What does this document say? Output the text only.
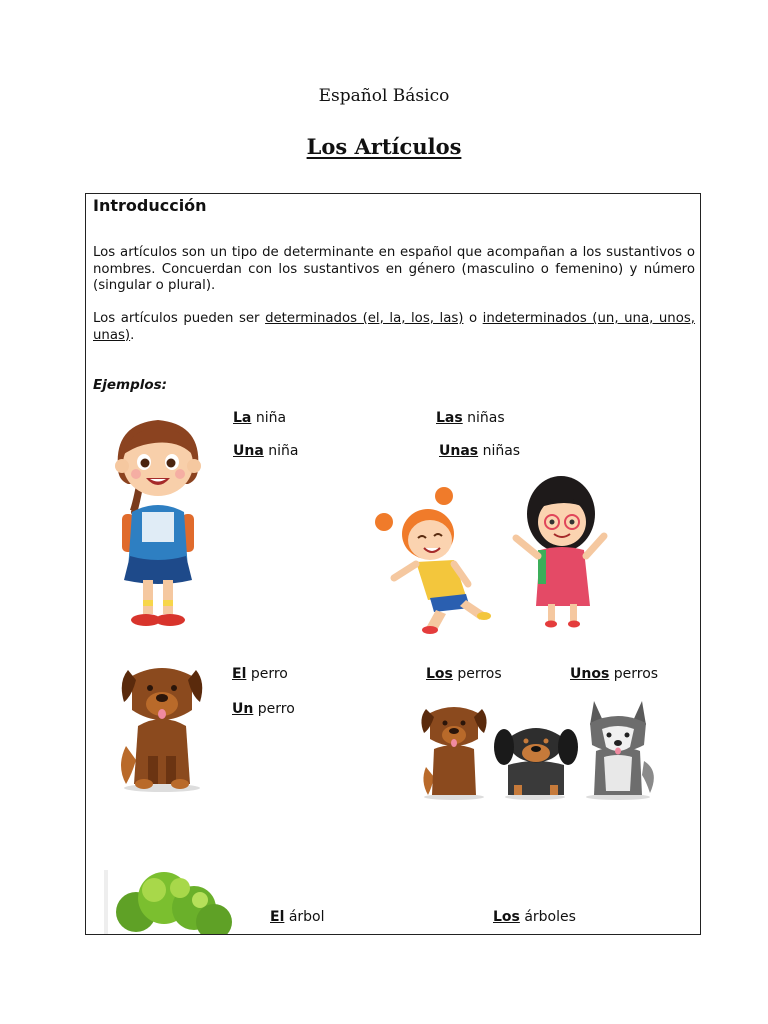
Español Básico
Los Artículos
Introducción
Los artículos son un tipo de determinante en español que acompañan a los sustantivos o nombres. Concuerdan con los sustantivos en género (masculino o femenino) y número (singular o plural).
Los artículos pueden ser determinados (el, la, los, las) o indeterminados (un, una, unos, unas).
Ejemplos:
La niña
Una niña
Las niñas
Unas niñas
El perro
Un perro
Los perros	Unos perros
El árbol	Los árboles
